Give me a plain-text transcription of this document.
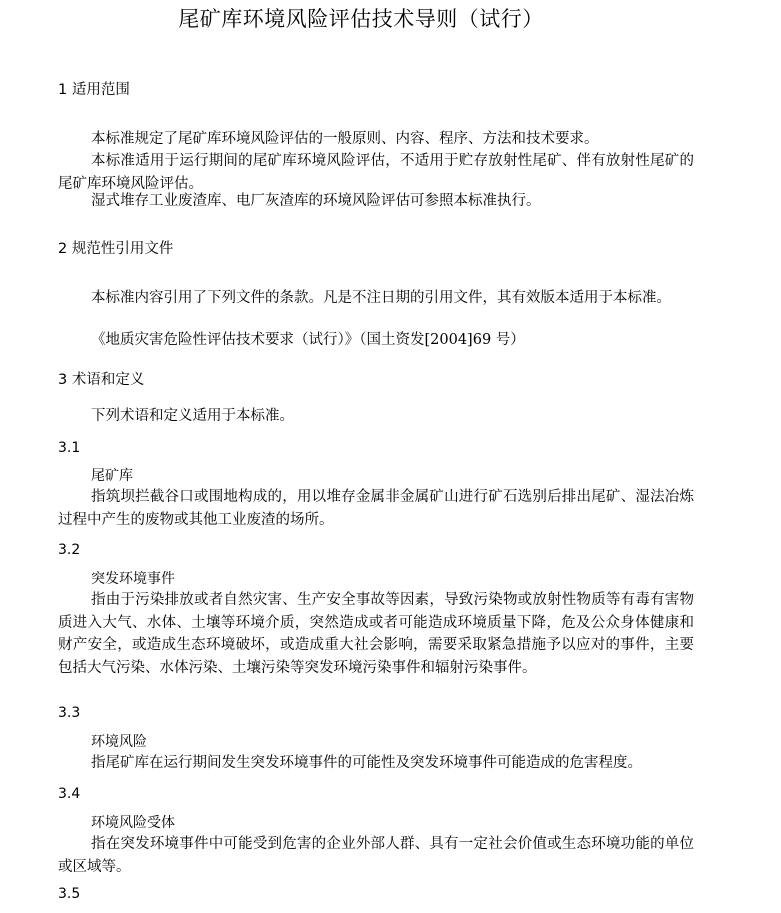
尾矿库环境风险评估技术导则（试行）
1 适用范围

本标准规定了尾矿库环境风险评估的一般原则、内容、程序、方法和技术要求。

本标准适用于运行期间的尾矿库环境风险评估，不适用于贮存放射性尾矿、伴有放射性尾矿的尾矿库环境风险评估。

湿式堆存工业废渣库、电厂灰渣库的环境风险评估可参照本标准执行。

2 规范性引用文件

本标准内容引用了下列文件的条款。凡是不注日期的引用文件，其有效版本适用于本标准。

《地质灾害危险性评估技术要求（试行）》（国土资发[2004]69 号）

3 术语和定义

下列术语和定义适用于本标准。

3.1
尾矿库

指筑坝拦截谷口或围地构成的，用以堆存金属非金属矿山进行矿石选别后排出尾矿、湿法冶炼过程中产生的废物或其他工业废渣的场所。

3.2
突发环境事件

指由于污染排放或者自然灾害、生产安全事故等因素，导致污染物或放射性物质等有毒有害物质进入大气、水体、土壤等环境介质，突然造成或者可能造成环境质量下降，危及公众身体健康和财产安全，或造成生态环境破坏，或造成重大社会影响，需要采取紧急措施予以应对的事件，主要包括大气污染、水体污染、土壤污染等突发环境污染事件和辐射污染事件。

3.3
环境风险

指尾矿库在运行期间发生突发环境事件的可能性及突发环境事件可能造成的危害程度。

3.4
环境风险受体

指在突发环境事件中可能受到危害的企业外部人群、具有一定社会价值或生态环境功能的单位或区域等。

3.5
